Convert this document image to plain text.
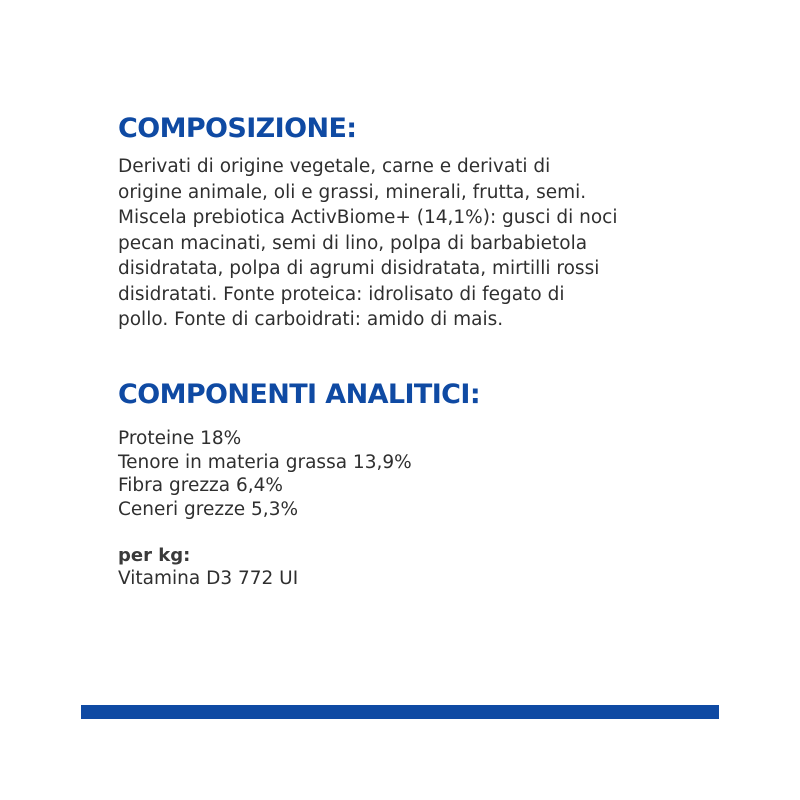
COMPOSIZIONE:

Derivati di origine vegetale, carne e derivati di
origine animale, oli e grassi, minerali, frutta, semi.
Miscela prebiotica ActivBiome+ (14,1%): gusci di noci
pecan macinati, semi di lino, polpa di barbabietola
disidratata, polpa di agrumi disidratata, mirtilli rossi
disidratati. Fonte proteica: idrolisato di fegato di
pollo. Fonte di carboidrati: amido di mais.

COMPONENTI ANALITICI:
Proteine 18%
Tenore in materia grassa 13,9%
Fibra grezza 6,4%
Ceneri grezze 5,3%

per kg:

Vitamina D3 772 UI
